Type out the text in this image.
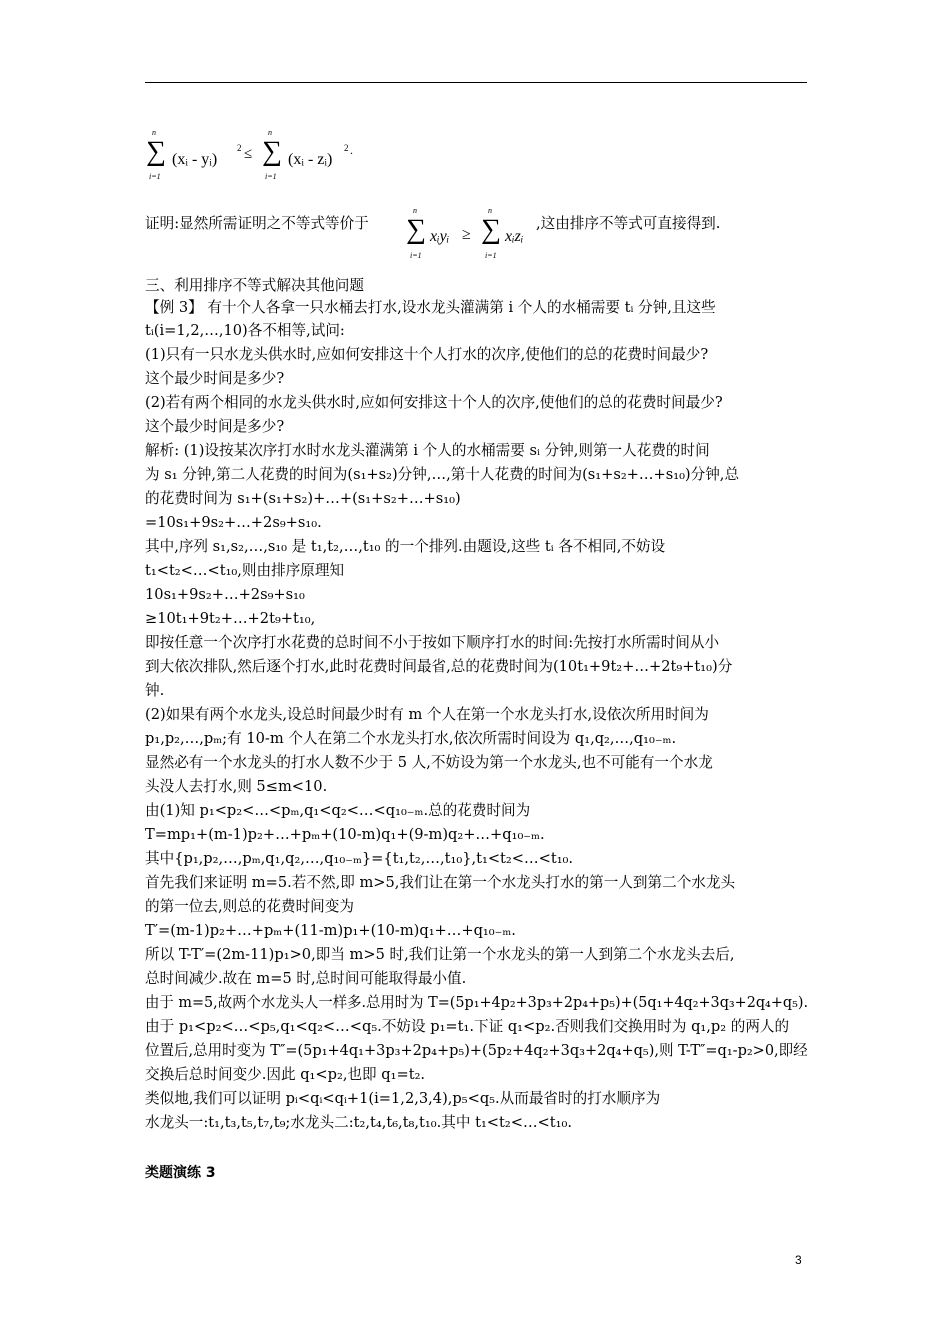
n
∑
i=1
(xᵢ - yᵢ)
2 ≤
n
∑
i=1
(xᵢ - zᵢ)
2 .
证明:显然所需证明之不等式等价于
n
∑
i=1
xᵢyᵢ ≥
n
∑
i=1
xᵢzᵢ
,这由排序不等式可直接得到.
三、利用排序不等式解决其他问题
【例 3】 有十个人各拿一只水桶去打水,设水龙头灌满第 i 个人的水桶需要 tᵢ 分钟,且这些
tᵢ(i=1,2,…,10)各不相等,试问:
(1)只有一只水龙头供水时,应如何安排这十个人打水的次序,使他们的总的花费时间最少?
这个最少时间是多少?
(2)若有两个相同的水龙头供水时,应如何安排这十个人的次序,使他们的总的花费时间最少?
这个最少时间是多少?
解析: (1)设按某次序打水时水龙头灌满第 i 个人的水桶需要 sᵢ 分钟,则第一人花费的时间
为 s₁ 分钟,第二人花费的时间为(s₁+s₂)分钟,…,第十人花费的时间为(s₁+s₂+…+s₁₀)分钟,总
的花费时间为 s₁+(s₁+s₂)+…+(s₁+s₂+…+s₁₀)
=10s₁+9s₂+…+2s₉+s₁₀.
其中,序列 s₁,s₂,…,s₁₀ 是 t₁,t₂,…,t₁₀ 的一个排列.由题设,这些 tᵢ 各不相同,不妨设
t₁<t₂<…<t₁₀,则由排序原理知
10s₁+9s₂+…+2s₉+s₁₀
≥10t₁+9t₂+…+2t₉+t₁₀,
即按任意一个次序打水花费的总时间不小于按如下顺序打水的时间:先按打水所需时间从小
到大依次排队,然后逐个打水,此时花费时间最省,总的花费时间为(10t₁+9t₂+…+2t₉+t₁₀)分
钟.
(2)如果有两个水龙头,设总时间最少时有 m 个人在第一个水龙头打水,设依次所用时间为
p₁,p₂,…,pₘ;有 10-m 个人在第二个水龙头打水,依次所需时间设为 q₁,q₂,…,q₁₀₋ₘ.
显然必有一个水龙头的打水人数不少于 5 人,不妨设为第一个水龙头,也不可能有一个水龙
头没人去打水,则 5≤m<10.
由(1)知 p₁<p₂<…<pₘ,q₁<q₂<…<q₁₀₋ₘ.总的花费时间为
T=mp₁+(m-1)p₂+…+pₘ+(10-m)q₁+(9-m)q₂+…+q₁₀₋ₘ.
其中{p₁,p₂,…,pₘ,q₁,q₂,…,q₁₀₋ₘ}={t₁,t₂,…,t₁₀},t₁<t₂<…<t₁₀.
首先我们来证明 m=5.若不然,即 m>5,我们让在第一个水龙头打水的第一人到第二个水龙头
的第一位去,则总的花费时间变为
T′=(m-1)p₂+…+pₘ+(11-m)p₁+(10-m)q₁+…+q₁₀₋ₘ.
所以 T-T′=(2m-11)p₁>0,即当 m>5 时,我们让第一个水龙头的第一人到第二个水龙头去后,
总时间减少.故在 m=5 时,总时间可能取得最小值.
由于 m=5,故两个水龙头人一样多.总用时为 T=(5p₁+4p₂+3p₃+2p₄+p₅)+(5q₁+4q₂+3q₃+2q₄+q₅).
由于 p₁<p₂<…<p₅,q₁<q₂<…<q₅.不妨设 p₁=t₁.下证 q₁<p₂.否则我们交换用时为 q₁,p₂ 的两人的
位置后,总用时变为 T″=(5p₁+4q₁+3p₃+2p₄+p₅)+(5p₂+4q₂+3q₃+2q₄+q₅),则 T-T″=q₁-p₂>0,即经
交换后总时间变少.因此 q₁<p₂,也即 q₁=t₂.
类似地,我们可以证明 pᵢ<qᵢ<qᵢ+1(i=1,2,3,4),p₅<q₅.从而最省时的打水顺序为
水龙头一:t₁,t₃,t₅,t₇,t₉;水龙头二:t₂,t₄,t₆,t₈,t₁₀.其中 t₁<t₂<…<t₁₀.
类题演练 3
3
